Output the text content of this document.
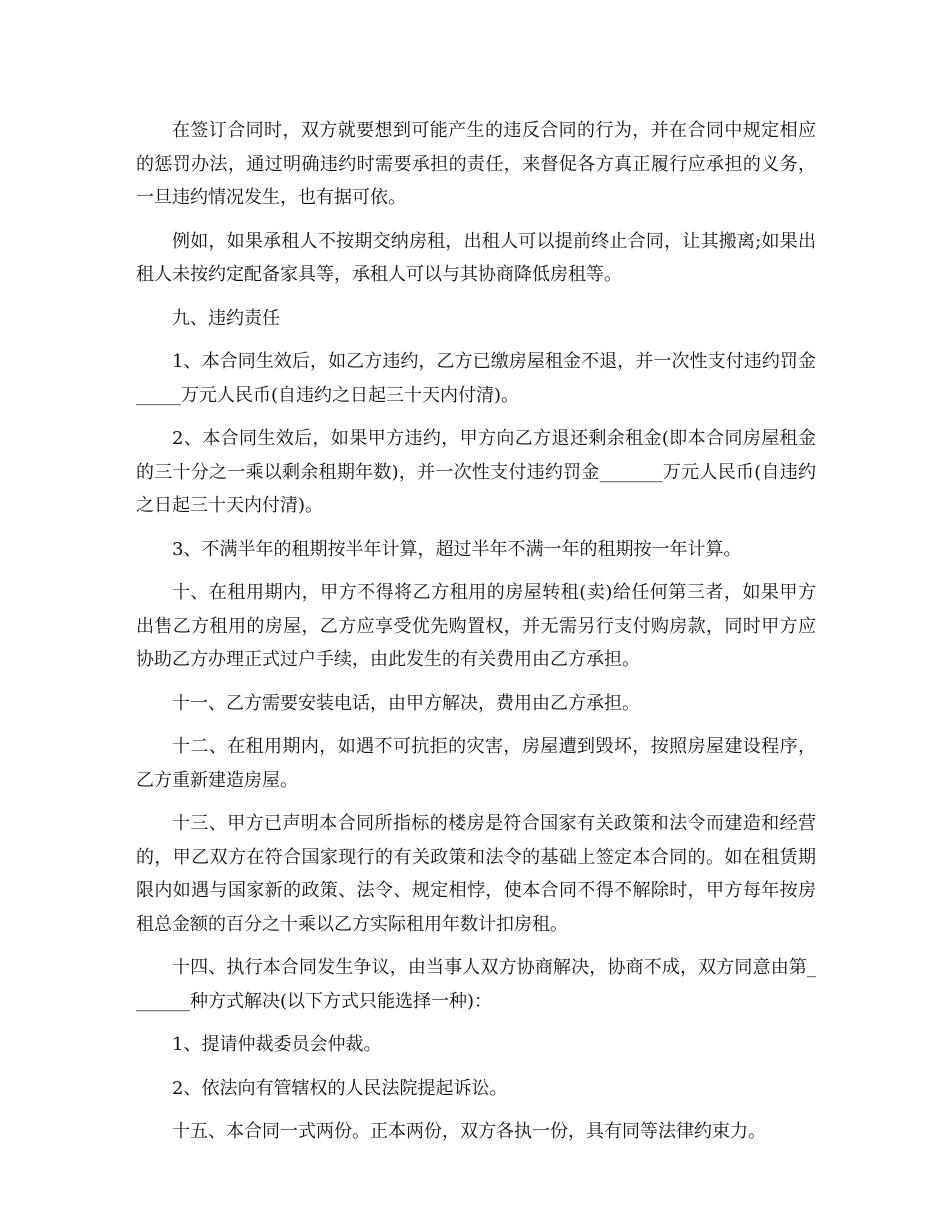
在签订合同时，双方就要想到可能产生的违反合同的行为，并在合同中规定相应的惩罚办法，通过明确违约时需要承担的责任，来督促各方真正履行应承担的义务，一旦违约情况发生，也有据可依。

例如，如果承租人不按期交纳房租，出租人可以提前终止合同，让其搬离;如果出租人未按约定配备家具等，承租人可以与其协商降低房租等。

九、违约责任

1、本合同生效后，如乙方违约，乙方已缴房屋租金不退，并一次性支付违约罚金_____万元人民币(自违约之日起三十天内付清)。

2、本合同生效后，如果甲方违约，甲方向乙方退还剩余租金(即本合同房屋租金的三十分之一乘以剩余租期年数)，并一次性支付违约罚金_______万元人民币(自违约之日起三十天内付清)。

3、不满半年的租期按半年计算，超过半年不满一年的租期按一年计算。

十、在租用期内，甲方不得将乙方租用的房屋转租(卖)给任何第三者，如果甲方出售乙方租用的房屋，乙方应享受优先购置权，并无需另行支付购房款，同时甲方应协助乙方办理正式过户手续，由此发生的有关费用由乙方承担。

十一、乙方需要安装电话，由甲方解决，费用由乙方承担。

十二、在租用期内，如遇不可抗拒的灾害，房屋遭到毁坏，按照房屋建设程序，乙方重新建造房屋。

十三、甲方已声明本合同所指标的楼房是符合国家有关政策和法令而建造和经营的，甲乙双方在符合国家现行的有关政策和法令的基础上签定本合同的。如在租赁期限内如遇与国家新的政策、法令、规定相悖，使本合同不得不解除时，甲方每年按房租总金额的百分之十乘以乙方实际租用年数计扣房租。

十四、执行本合同发生争议，由当事人双方协商解决，协商不成，双方同意由第_______种方式解决(以下方式只能选择一种)：

1、提请仲裁委员会仲裁。

2、依法向有管辖权的人民法院提起诉讼。

十五、本合同一式两份。正本两份，双方各执一份，具有同等法律约束力。
